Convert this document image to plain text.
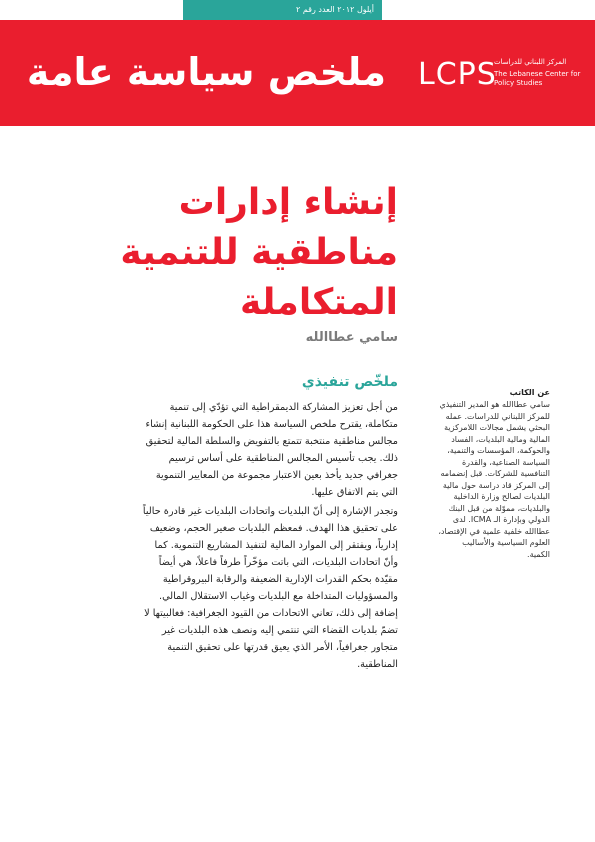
أيلول ٢٠١٢ العدد رقم ٢
ملخص سياسة عامة LCPS
المركز اللبناني للدراسات
The Lebanese Center for Policy Studies
إنشاء إدارات
مناطقية للتنمية
المتكاملة
سامي عطاالله
ملخّص تنفيذي

من أجل تعزيز المشاركة الديمقراطية التي تؤدّي إلى تنمية متكاملة، يقترح ملخص السياسة هذا على الحكومة اللبنانية إنشاء مجالس مناطقية منتخبة تتمتع بالتفويض والسلطة المالية لتحقيق ذلك. يجب تأسيس المجالس المناطقية على أساس ترسيم جغرافي جديد يأخذ بعين الاعتبار مجموعة من المعايير التنموية التي يتم الاتفاق عليها.

وتجدر الإشارة إلى أنّ البلديات واتحادات البلديات غير قادرة حالياً على تحقيق هذا الهدف. فمعظم البلديات صغير الحجم، وضعيف إدارياً، ويفتقر إلى الموارد المالية لتنفيذ المشاريع التنموية. كما وأنّ اتحادات البلديات، التي باتت مؤخّراً طرفاً فاعلاً، هي أيضاً مقيّدة بحكم القدرات الإدارية الضعيفة والرقابة البيروقراطية والمسؤوليات المتداخلة مع البلديات وغياب الاستقلال المالي. إضافة إلى ذلك، تعاني الاتحادات من القيود الجغرافية: فغالبيتها لا تضمّ بلديات القضاء التي تنتمي إليه ونصف هذه البلديات غير متجاور جغرافياً، الأمر الذي يعيق قدرتها على تحقيق التنمية المناطقية.

عن الكاتب
سامي عطاالله هو المدير التنفيذي للمركز اللبناني للدراسات. عمله البحثي يشمل مجالات اللامركزية المالية ومالية البلديات، الفساد والحوكمة، المؤسسات والتنمية، السياسة الصناعية، والقدرة التنافسية للشركات. قبل إنضمامه إلى المركز قاد دراسة حول مالية البلديات لصالح وزارة الداخلية والبلديات، مموّلة من قبل البنك الدولي وبإدارة الـ ICMA. لدى عطاالله خلفية علمية في الإقتصاد، العلوم السياسية والأساليب الكمية.
